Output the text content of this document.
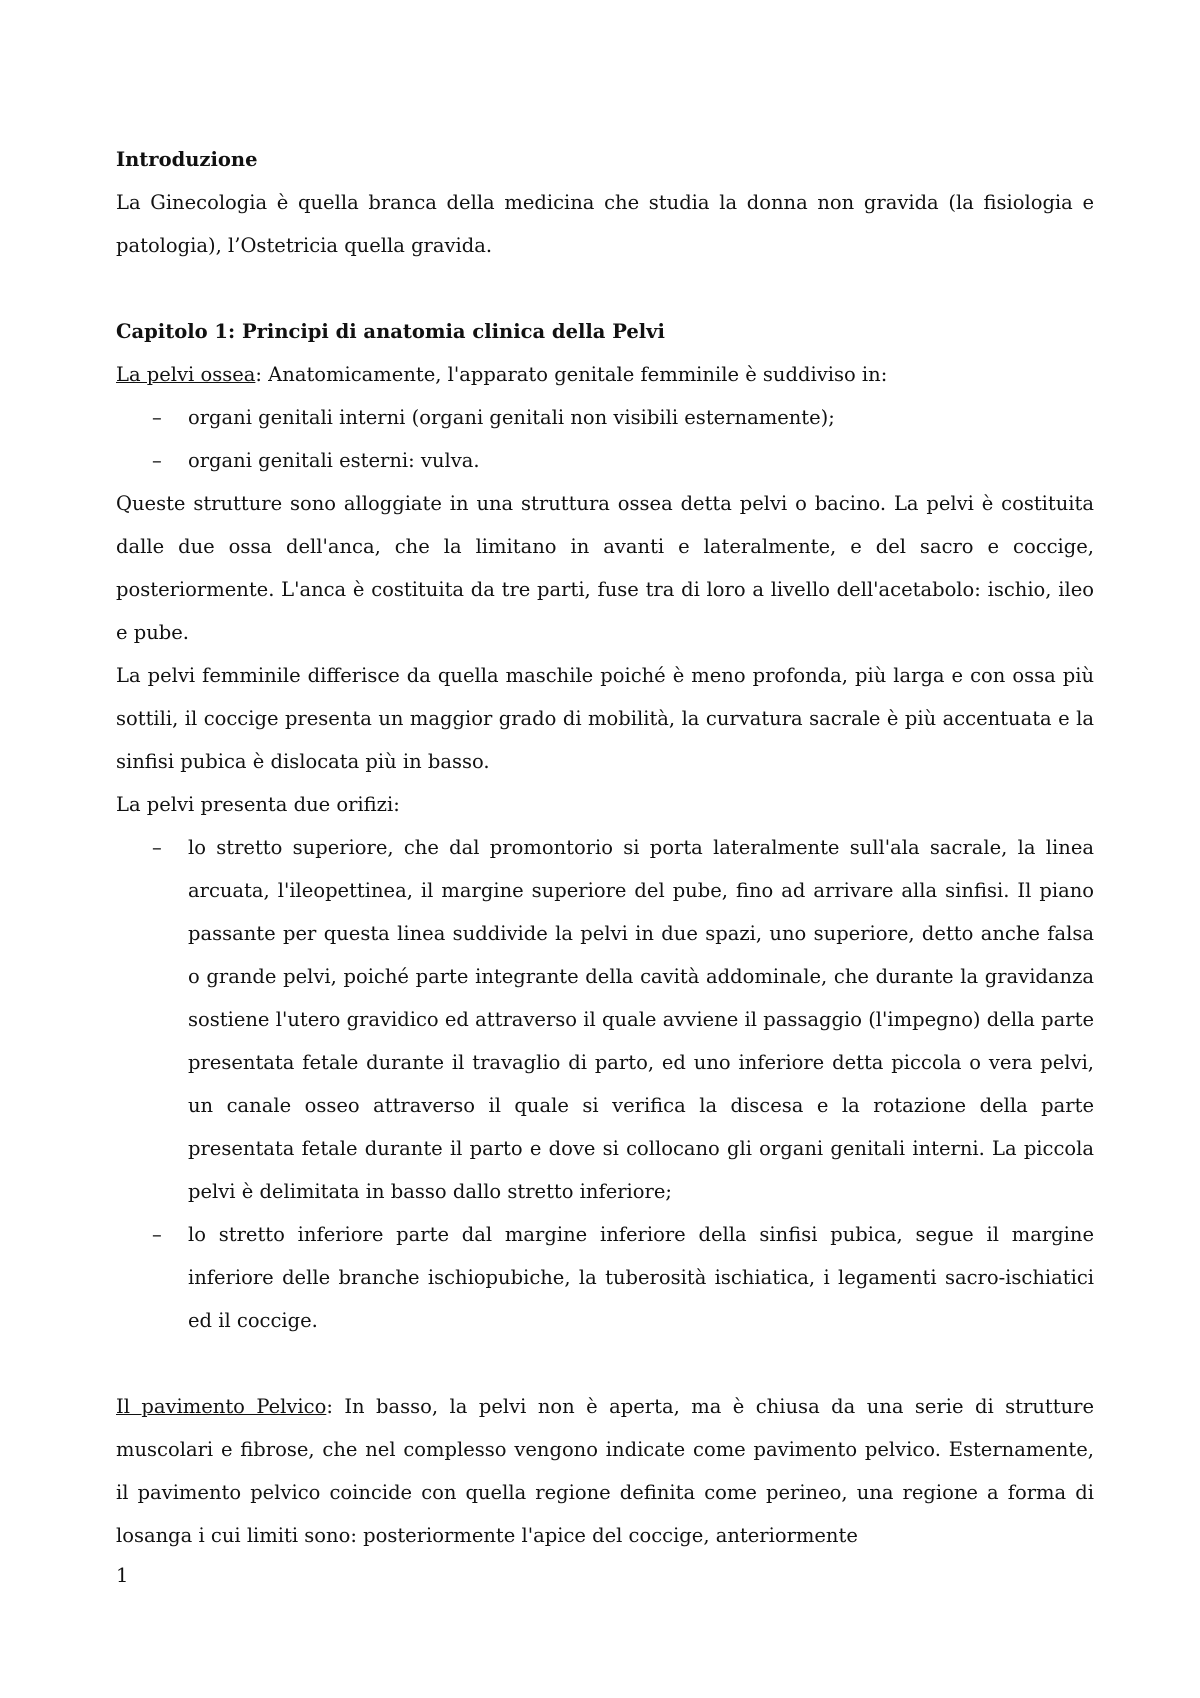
Introduzione

La Ginecologia è quella branca della medicina che studia la donna non gravida (la fisiologia e patologia), l’Ostetricia quella gravida.

Capitolo 1: Principi di anatomia clinica della Pelvi

La pelvi ossea: Anatomicamente, l'apparato genitale femminile è suddiviso in:

– organi genitali interni (organi genitali non visibili esternamente);
– organi genitali esterni: vulva.

Queste strutture sono alloggiate in una struttura ossea detta pelvi o bacino. La pelvi è costituita dalle due ossa dell'anca, che la limitano in avanti e lateralmente, e del sacro e coccige, posteriormente. L'anca è costituita da tre parti, fuse tra di loro a livello dell'acetabolo: ischio, ileo e pube.

La pelvi femminile differisce da quella maschile poiché è meno profonda, più larga e con ossa più sottili, il coccige presenta un maggior grado di mobilità, la curvatura sacrale è più accentuata e la sinfisi pubica è dislocata più in basso.

La pelvi presenta due orifizi:

– lo stretto superiore, che dal promontorio si porta lateralmente sull'ala sacrale, la linea arcuata, l'ileopettinea, il margine superiore del pube, fino ad arrivare alla sinfisi. Il piano passante per questa linea suddivide la pelvi in due spazi, uno superiore, detto anche falsa o grande pelvi, poiché parte integrante della cavità addominale, che durante la gravidanza sostiene l'utero gravidico ed attraverso il quale avviene il passaggio (l'impegno) della parte presentata fetale durante il travaglio di parto, ed uno inferiore detta piccola o vera pelvi, un canale osseo attraverso il quale si verifica la discesa e la rotazione della parte presentata fetale durante il parto e dove si collocano gli organi genitali interni. La piccola pelvi è delimitata in basso dallo stretto inferiore;
– lo stretto inferiore parte dal margine inferiore della sinfisi pubica, segue il margine inferiore delle branche ischiopubiche, la tuberosità ischiatica, i legamenti sacro-ischiatici ed il coccige.

Il pavimento Pelvico: In basso, la pelvi non è aperta, ma è chiusa da una serie di strutture muscolari e fibrose, che nel complesso vengono indicate come pavimento pelvico. Esternamente, il pavimento pelvico coincide con quella regione definita come perineo, una regione a forma di losanga i cui limiti sono: posteriormente l'apice del coccige, anteriormente

1
